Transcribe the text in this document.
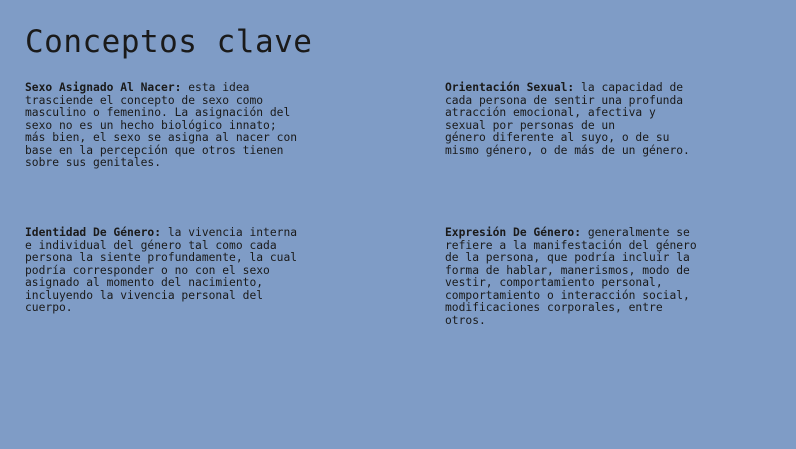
Conceptos clave

Sexo Asignado Al Nacer: esta idea
trasciende el concepto de sexo como
masculino o femenino. La asignación del
sexo no es un hecho biológico innato;
más bien, el sexo se asigna al nacer con
base en la percepción que otros tienen
sobre sus genitales.

Orientación Sexual: la capacidad de
cada persona de sentir una profunda
atracción emocional, afectiva y
sexual por personas de un
género diferente al suyo, o de su
mismo género, o de más de un género.

Identidad De Género: la vivencia interna
e individual del género tal como cada
persona la siente profundamente, la cual
podría corresponder o no con el sexo
asignado al momento del nacimiento,
incluyendo la vivencia personal del
cuerpo.

Expresión De Género: generalmente se
refiere a la manifestación del género
de la persona, que podría incluir la
forma de hablar, manerismos, modo de
vestir, comportamiento personal,
comportamiento o interacción social,
modificaciones corporales, entre
otros.
